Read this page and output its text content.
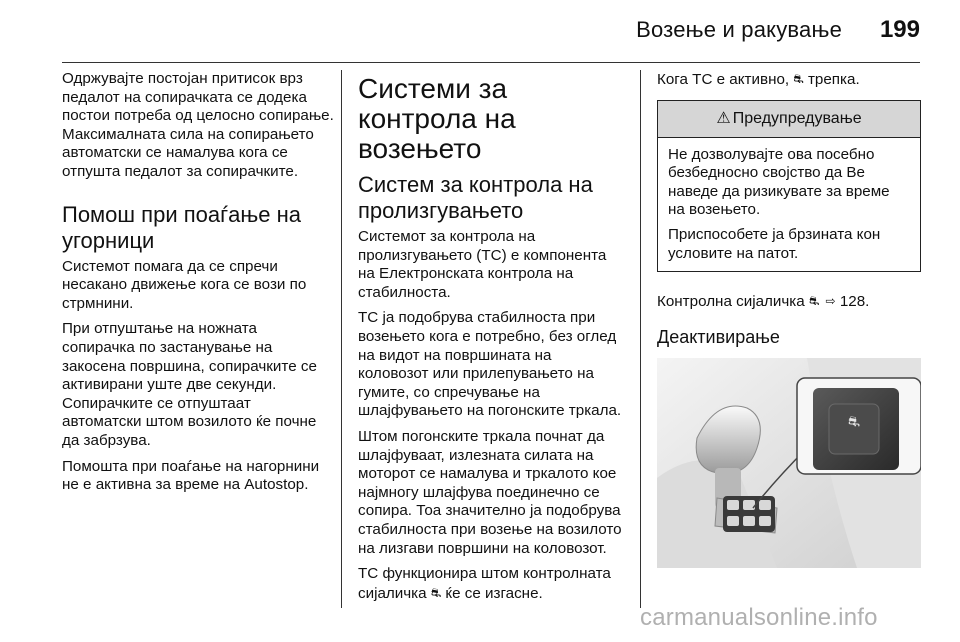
Возење и ракување 199

Одржувајте постојан притисок врз педалот на сопирачката се додека постои потреба од целосно сопирање. Максималната сила на сопирањето автоматски се намалува кога се отпушта педалот за сопирачките.

Помош при поаѓање на угорници

Системот помага да се спречи несакано движење кога се вози по стрмнини.

При отпуштање на ножната сопирачка по застанување на закосена површина, сопирачките се активирани уште две секунди. Сопирачките се отпуштаат автоматски штом возилото ќе почне да забрзува.

Помошта при поаѓање на нагорнини не е активна за време на Autostop.

Системи за контрола на возењето
Систем за контрола на пролизгувањето

Системот за контрола на пролизгувањето (TC) е компонента на Електронската контрола на стабилноста.

TC ја подобрува стабилноста при возењето кога е потребно, без оглед на видот на површината на коловозот или прилепувањето на гумите, со спречување на шлајфувањето на погонските тркала.

Штом погонските тркала почнат да шлајфуваат, излезната силата на моторот се намалува и тркалото кое најмногу шлајфува поединечно се сопира. Тоа значително ја подобрува стабилноста при возење на возилото на лизгави површини на коловозот.

TC функционира штом контролната сијаличка ⛐ ќе се изгасне.

Кога TC е активно, ⛐ трепка.

⚠ Предупредување

Не дозволувајте ова посебно безбедносно својство да Ве наведе да ризикувате за време на возењето.

Приспособете ја брзината кон условите на патот.

Контролна сијаличка ⛐ ⇨ 128.

Деактивирање
⛐
carmanualsonline.info
